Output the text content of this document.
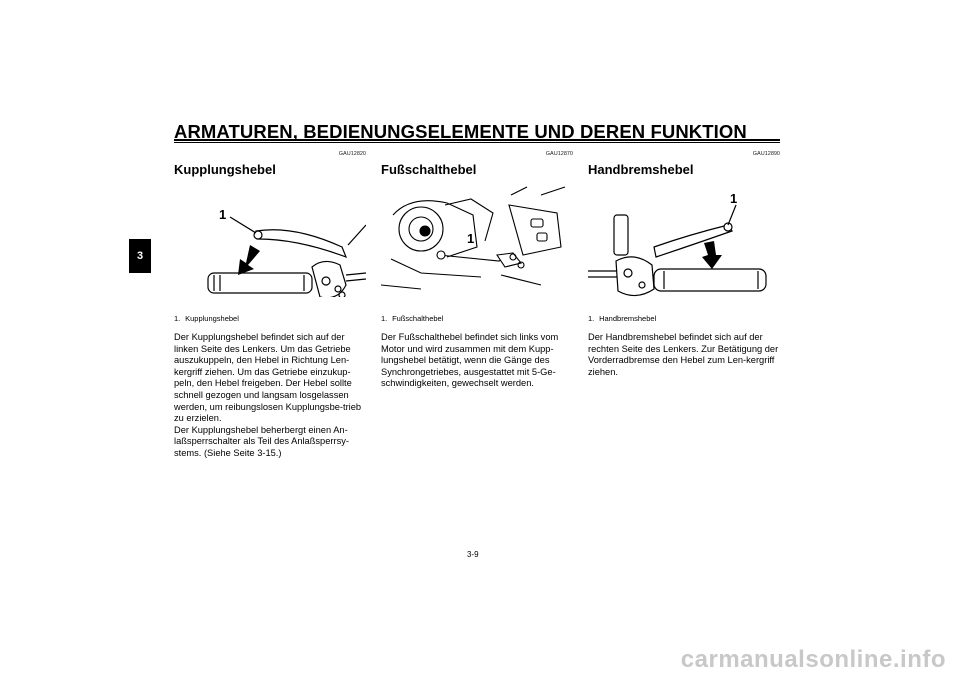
ARMATUREN, BEDIENUNGSELEMENTE UND DEREN FUNKTION
3
GAU12820
Kupplungshebel
1
1. Kupplungshebel

Der Kupplungshebel befindet sich auf der linken Seite des Lenkers. Um das Getriebe auszukuppeln, den Hebel in Richtung Len-kergriff ziehen. Um das Getriebe einzukup-peln, den Hebel freigeben. Der Hebel sollte schnell gezogen und langsam losgelassen werden, um reibungslosen Kupplungsbe-trieb zu erzielen.

Der Kupplungshebel beherbergt einen An-laßsperrschalter als Teil des Anlaßsperrsy-stems. (Siehe Seite 3-15.)

GAU12870
Fußschalthebel
1
1. Fußschalthebel

Der Fußschalthebel befindet sich links vom Motor und wird zusammen mit dem Kupp-lungshebel betätigt, wenn die Gänge des Synchrongetriebes, ausgestattet mit 5-Ge-schwindigkeiten, gewechselt werden.

GAU12890
Handbremshebel
1
1. Handbremshebel

Der Handbremshebel befindet sich auf der rechten Seite des Lenkers. Zur Betätigung der Vorderradbremse den Hebel zum Len-kergriff ziehen.

3-9
carmanualsonline.info
